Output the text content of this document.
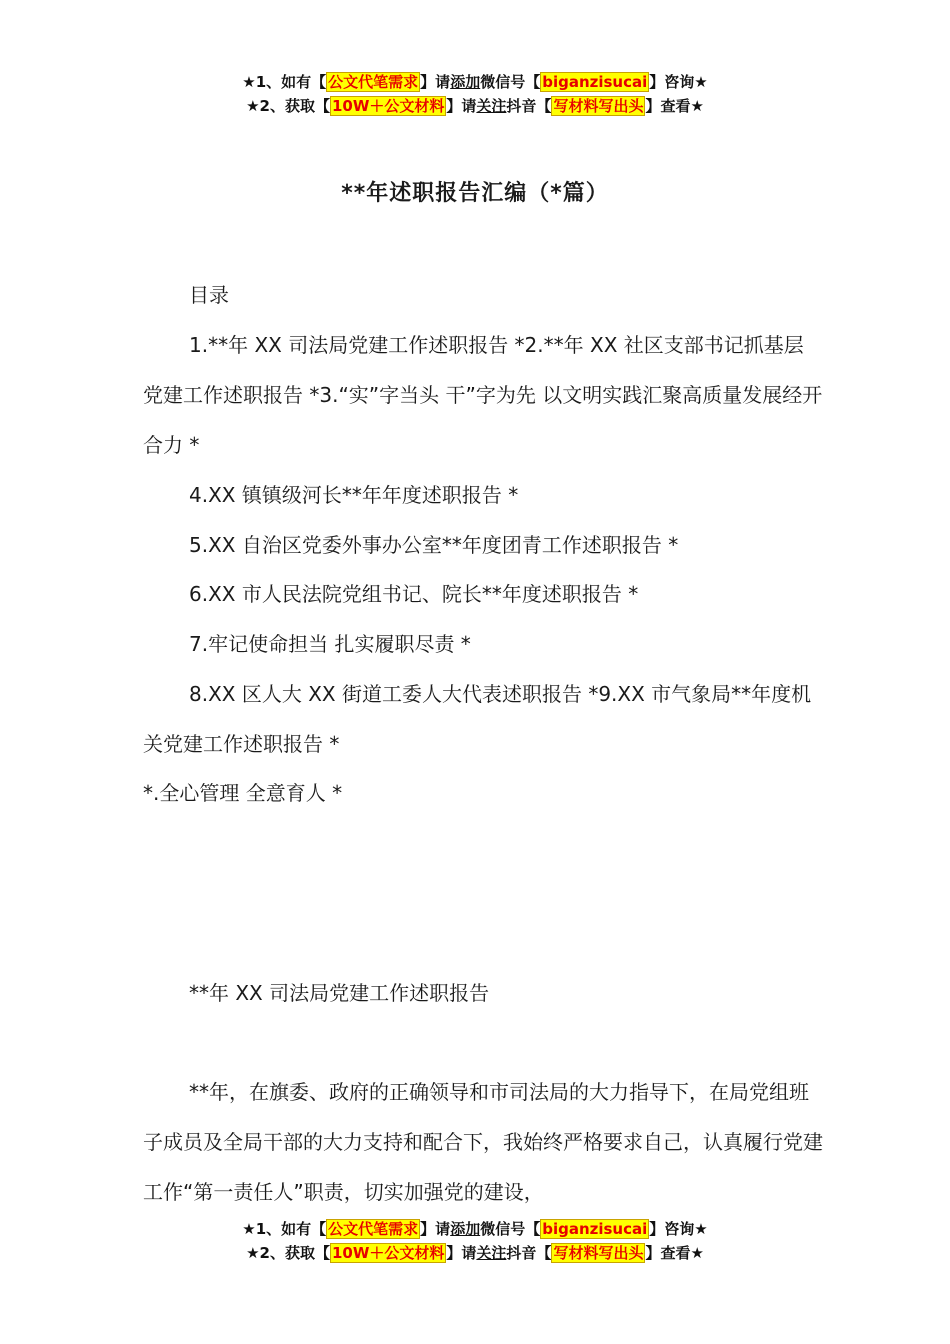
★1、如有【 公文代笔需求 】请添加微信号【 biganzisucai 】咨询★
★2、获取【 10W＋公文材料 】请关注抖音【 写材料写出头 】查看★
**年述职报告汇编（*篇）
目录
1.**年 XX 司法局党建工作述职报告 *2.**年 XX 社区支部书记抓基层党建工作述职报告 *3.“实”字当头 干”字为先 以文明实践汇聚高质量发展经开合力 *
4.XX 镇镇级河长**年年度述职报告 *
5.XX 自治区党委外事办公室**年度团青工作述职报告 *
6.XX 市人民法院党组书记、院长**年度述职报告 *
7.牢记使命担当 扎实履职尽责 *
8.XX 区人大 XX 街道工委人大代表述职报告 *9.XX 市气象局**年度机关党建工作述职报告 *
*.全心管理 全意育人 *
**年 XX 司法局党建工作述职报告
**年，在旗委、政府的正确领导和市司法局的大力指导下，在局党组班子成员及全局干部的大力支持和配合下，我始终严格要求自己，认真履行党建工作“第一责任人”职责，切实加强党的建设，
★1、如有【 公文代笔需求 】请添加微信号【 biganzisucai 】咨询★
★2、获取【 10W＋公文材料 】请关注抖音【 写材料写出头 】查看★
